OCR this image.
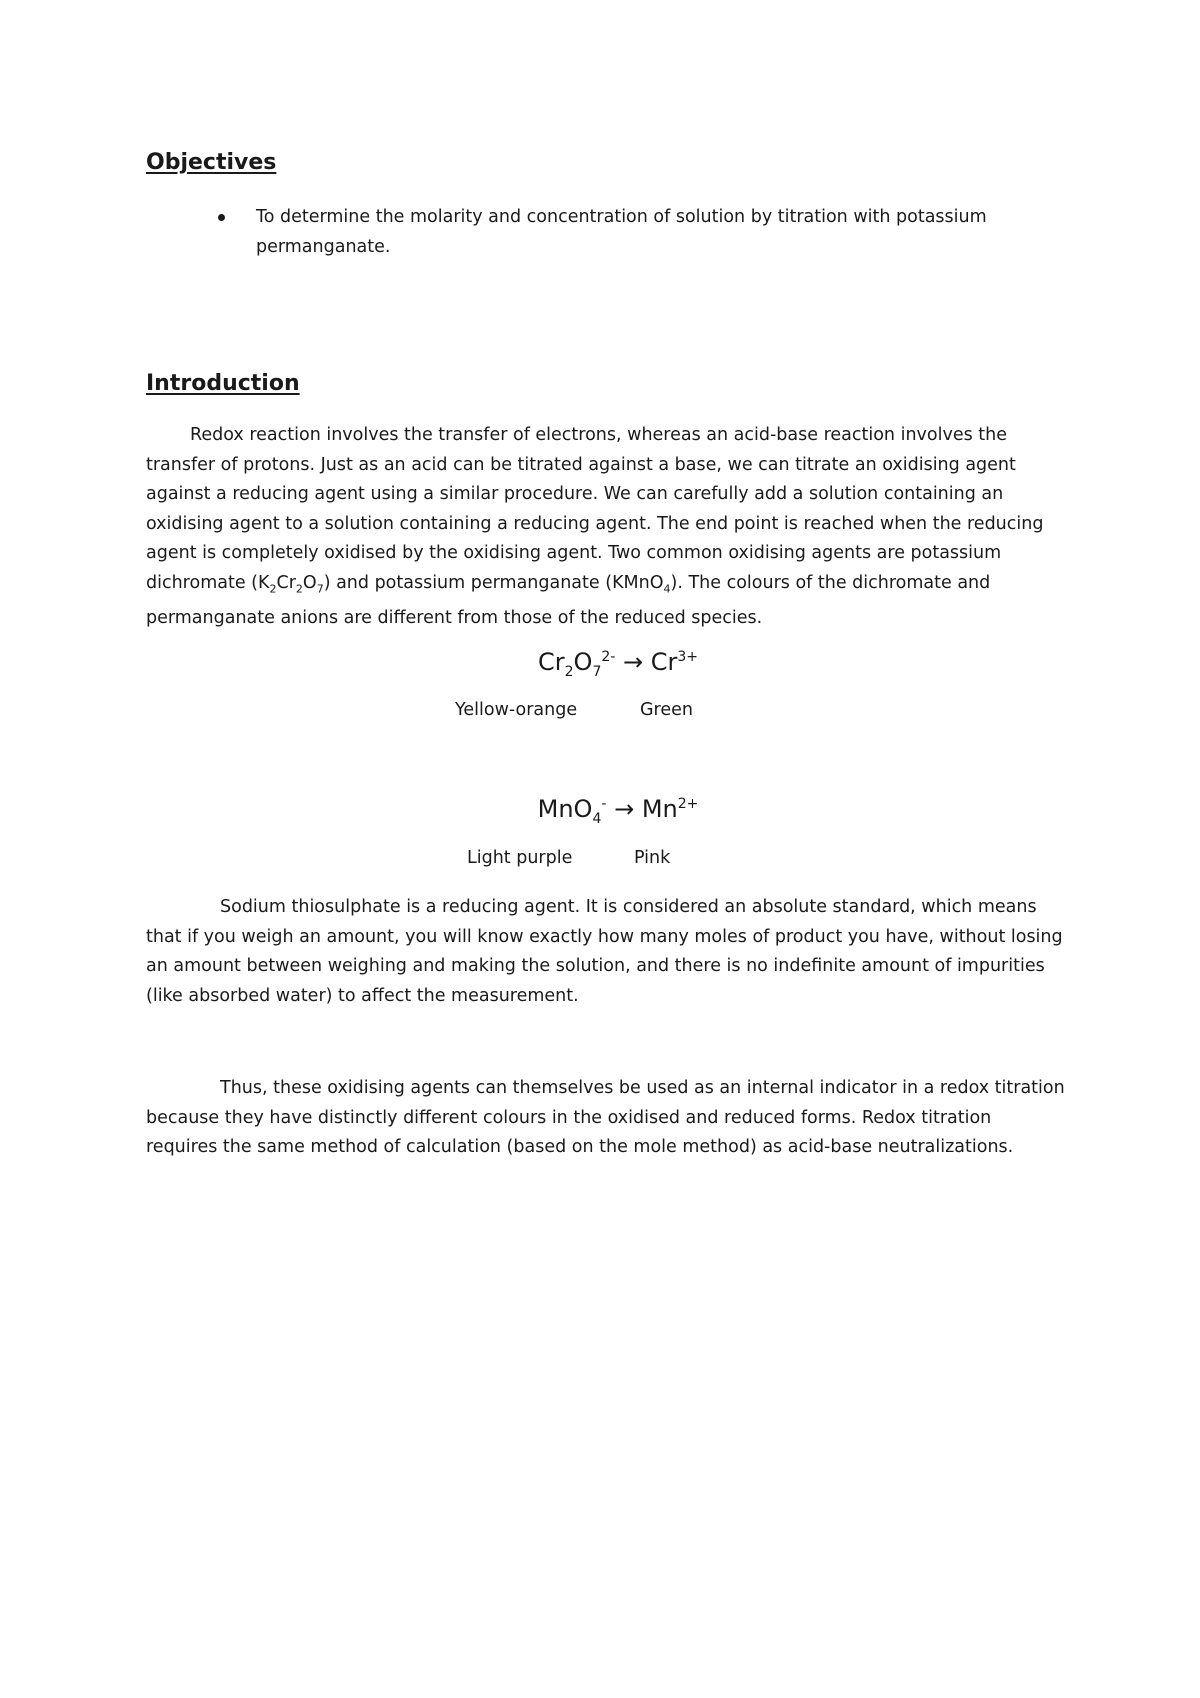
Objectives
To determine the molarity and concentration of solution by titration with potassium permanganate.
Introduction

Redox reaction involves the transfer of electrons, whereas an acid-base reaction involves the transfer of protons. Just as an acid can be titrated against a base, we can titrate an oxidising agent against a reducing agent using a similar procedure. We can carefully add a solution containing an oxidising agent to a solution containing a reducing agent. The end point is reached when the reducing agent is completely oxidised by the oxidising agent. Two common oxidising agents are potassium dichromate $(K_2Cr_2O_7)$ and potassium permanganate (KMnO$_4$). The colours of the dichromate and permanganate anions are different from those of the reduced species.

$Cr_2O_7^{2-} \to Cr^{3+}$

Yellow-orange	Green

$MnO_4^- \to Mn^{2+}$

Light purple	Pink

Sodium thiosulphate is a reducing agent. It is considered an absolute standard, which means that if you weigh an amount, you will know exactly how many moles of product you have, without losing an amount between weighing and making the solution, and there is no indefinite amount of impurities (like absorbed water) to affect the measurement.

Thus, these oxidising agents can themselves be used as an internal indicator in a redox titration because they have distinctly different colours in the oxidised and reduced forms. Redox titration requires the same method of calculation (based on the mole method) as acid-base neutralizations.
